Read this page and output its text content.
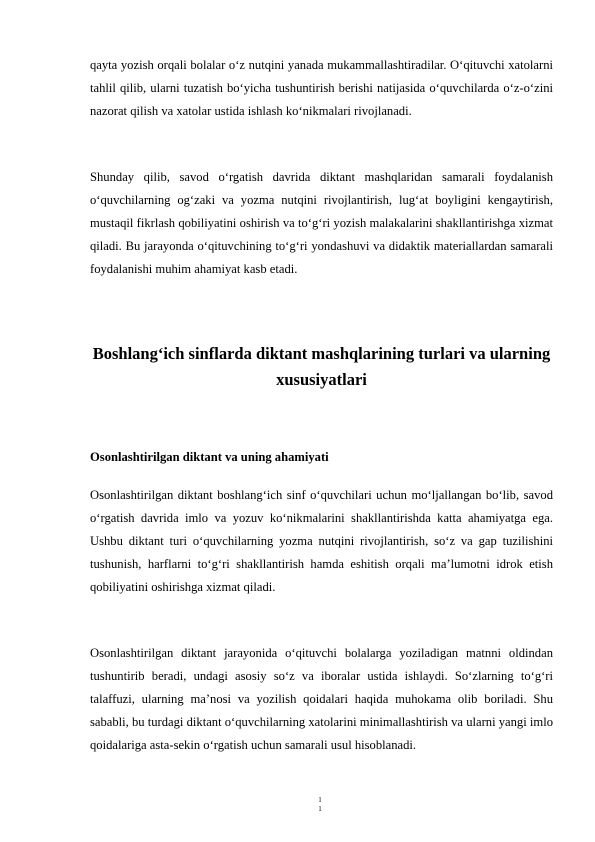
qayta yozish orqali bolalar o‘z nutqini yanada mukammallashtiradilar. O‘qituvchi xatolarni tahlil qilib, ularni tuzatish bo‘yicha tushuntirish berishi natijasida o‘quvchilarda o‘z-o‘zini nazorat qilish va xatolar ustida ishlash ko‘nikmalari rivojlanadi.

Shunday qilib, savod o‘rgatish davrida diktant mashqlaridan samarali foydalanish o‘quvchilarning og‘zaki va yozma nutqini rivojlantirish, lug‘at boyligini kengaytirish, mustaqil fikrlash qobiliyatini oshirish va to‘g‘ri yozish malakalarini shakllantirishga xizmat qiladi. Bu jarayonda o‘qituvchining to‘g‘ri yondashuvi va didaktik materiallardan samarali foydalanishi muhim ahamiyat kasb etadi.

Boshlang‘ich sinflarda diktant mashqlarining turlari va ularning xususiyatlari
Osonlashtirilgan diktant va uning ahamiyati

Osonlashtirilgan diktant boshlang‘ich sinf o‘quvchilari uchun mo‘ljallangan bo‘lib, savod o‘rgatish davrida imlo va yozuv ko‘nikmalarini shakllantirishda katta ahamiyatga ega. Ushbu diktant turi o‘quvchilarning yozma nutqini rivojlantirish, so‘z va gap tuzilishini tushunish, harflarni to‘g‘ri shakllantirish hamda eshitish orqali ma’lumotni idrok etish qobiliyatini oshirishga xizmat qiladi.

Osonlashtirilgan diktant jarayonida o‘qituvchi bolalarga yoziladigan matnni oldindan tushuntirib beradi, undagi asosiy so‘z va iboralar ustida ishlaydi. So‘zlarning to‘g‘ri talaffuzi, ularning ma’nosi va yozilish qoidalari haqida muhokama olib boriladi. Shu sababli, bu turdagi diktant o‘quvchilarning xatolarini minimallashtirish va ularni yangi imlo qoidalariga asta-sekin o‘rgatish uchun samarali usul hisoblanadi.

1
1
